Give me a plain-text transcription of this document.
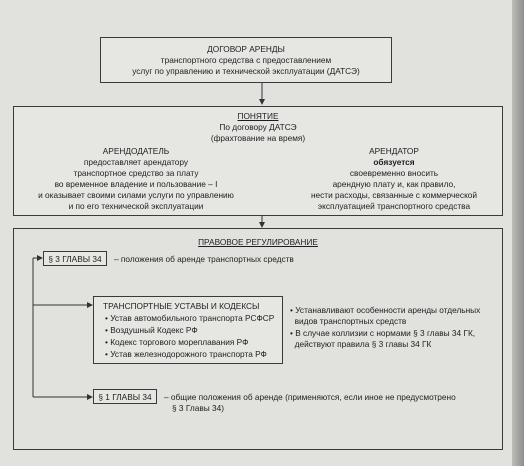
ДОГОВОР АРЕНДЫ
транспортного средства с предоставлением
услуг по управлению и технической эксплуатации (ДАТСЭ)
ПОНЯТИЕ
По договору ДАТСЭ
(фрахтование на время)
АРЕНДОДАТЕЛЬ
предоставляет арендатору
транспортное средство за плату
во временное владение и пользование – I
и оказывает своими силами услуги по управлению
и по его технической эксплуатации
АРЕНДАТОР
обязуется
своевременно вносить
арендную плату и, как правило,
нести расходы, связанные с коммерческой
эксплуатацией транспортного средства
ПРАВОВОЕ РЕГУЛИРОВАНИЕ
§ 3 ГЛАВЫ 34	– положения об аренде транспортных средств
ТРАНСПОРТНЫЕ УСТАВЫ И КОДЕКСЫ
• Устав автомобильного транспорта РСФСР
• Воздушный Кодекс РФ
• Кодекс торгового мореплавания РФ
• Устав железнодорожного транспорта РФ
• Устанавливают особенности аренды отдельных
видов транспортных средств
• В случае коллизии с нормами § 3 главы 34 ГК,
действуют правила § 3 главы 34 ГК
§ 1 ГЛАВЫ 34	– общие положения об аренде (применяются, если иное не предусмотрено
§ 3 Главы 34)
